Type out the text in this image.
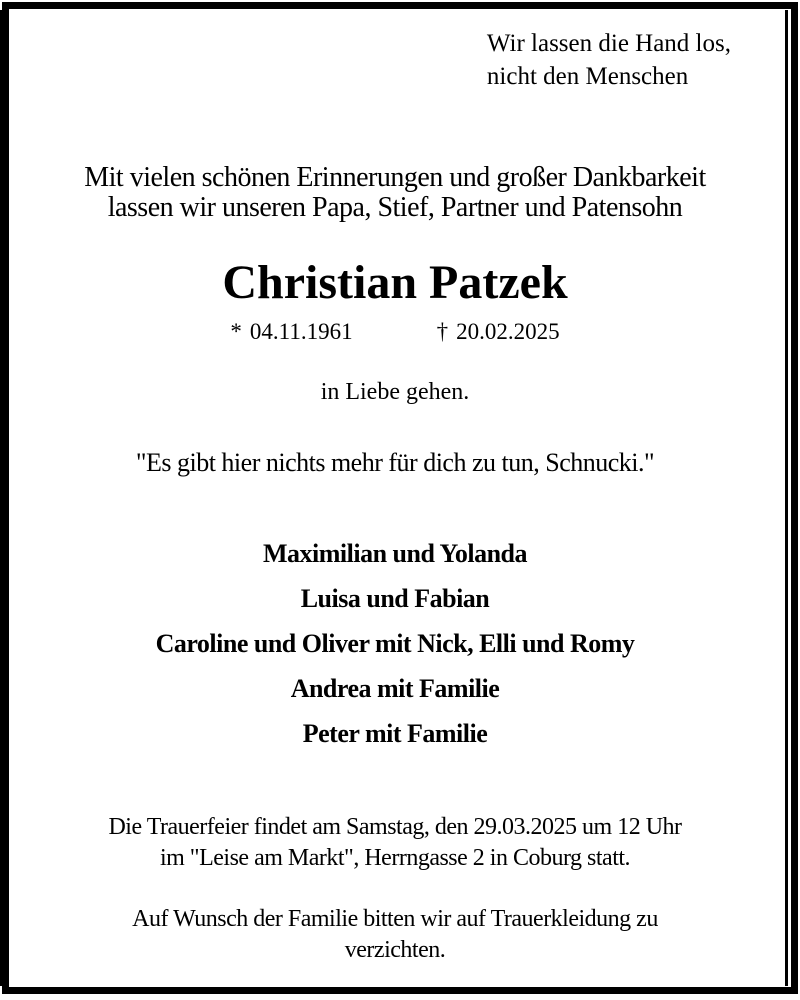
Wir lassen die Hand los,
nicht den Menschen
Mit vielen schönen Erinnerungen und großer Dankbarkeit
lassen wir unseren Papa, Stief, Partner und Patensohn
Christian Patzek
* 04.11.1961	† 20.02.2025
in Liebe gehen.
"Es gibt hier nichts mehr für dich zu tun, Schnucki."
Maximilian und Yolanda
Luisa und Fabian
Caroline und Oliver mit Nick, Elli und Romy
Andrea mit Familie
Peter mit Familie
Die Trauerfeier findet am Samstag, den 29.03.2025 um 12 Uhr
im "Leise am Markt", Herrngasse 2 in Coburg statt.
Auf Wunsch der Familie bitten wir auf Trauerkleidung zu
verzichten.
